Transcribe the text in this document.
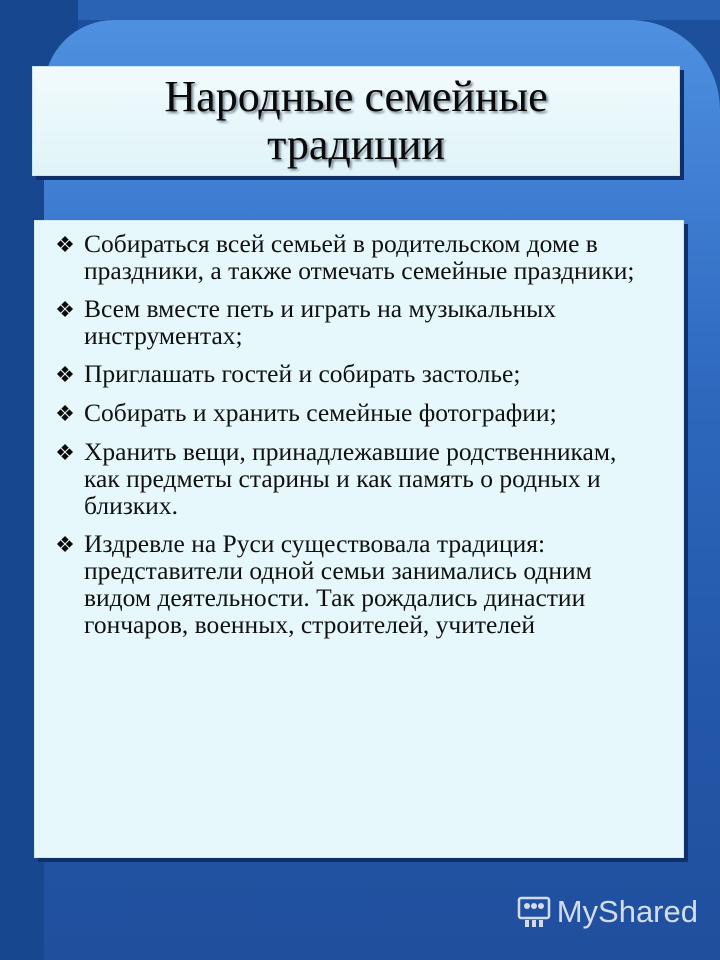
Народные семейные традиции
❖ Собираться всей семьей в родительском доме в праздники, а также отмечать семейные праздники;
❖ Всем вместе петь и играть на музыкальных инструментах;
❖ Приглашать гостей и собирать застолье;
❖ Собирать и хранить семейные фотографии;
❖ Хранить вещи, принадлежавшие родственникам, как предметы старины и как память о родных и близких.
❖ Издревле на Руси существовала традиция: представители одной семьи занимались одним видом деятельности. Так рождались династии гончаров, военных, строителей, учителей
MyShared
